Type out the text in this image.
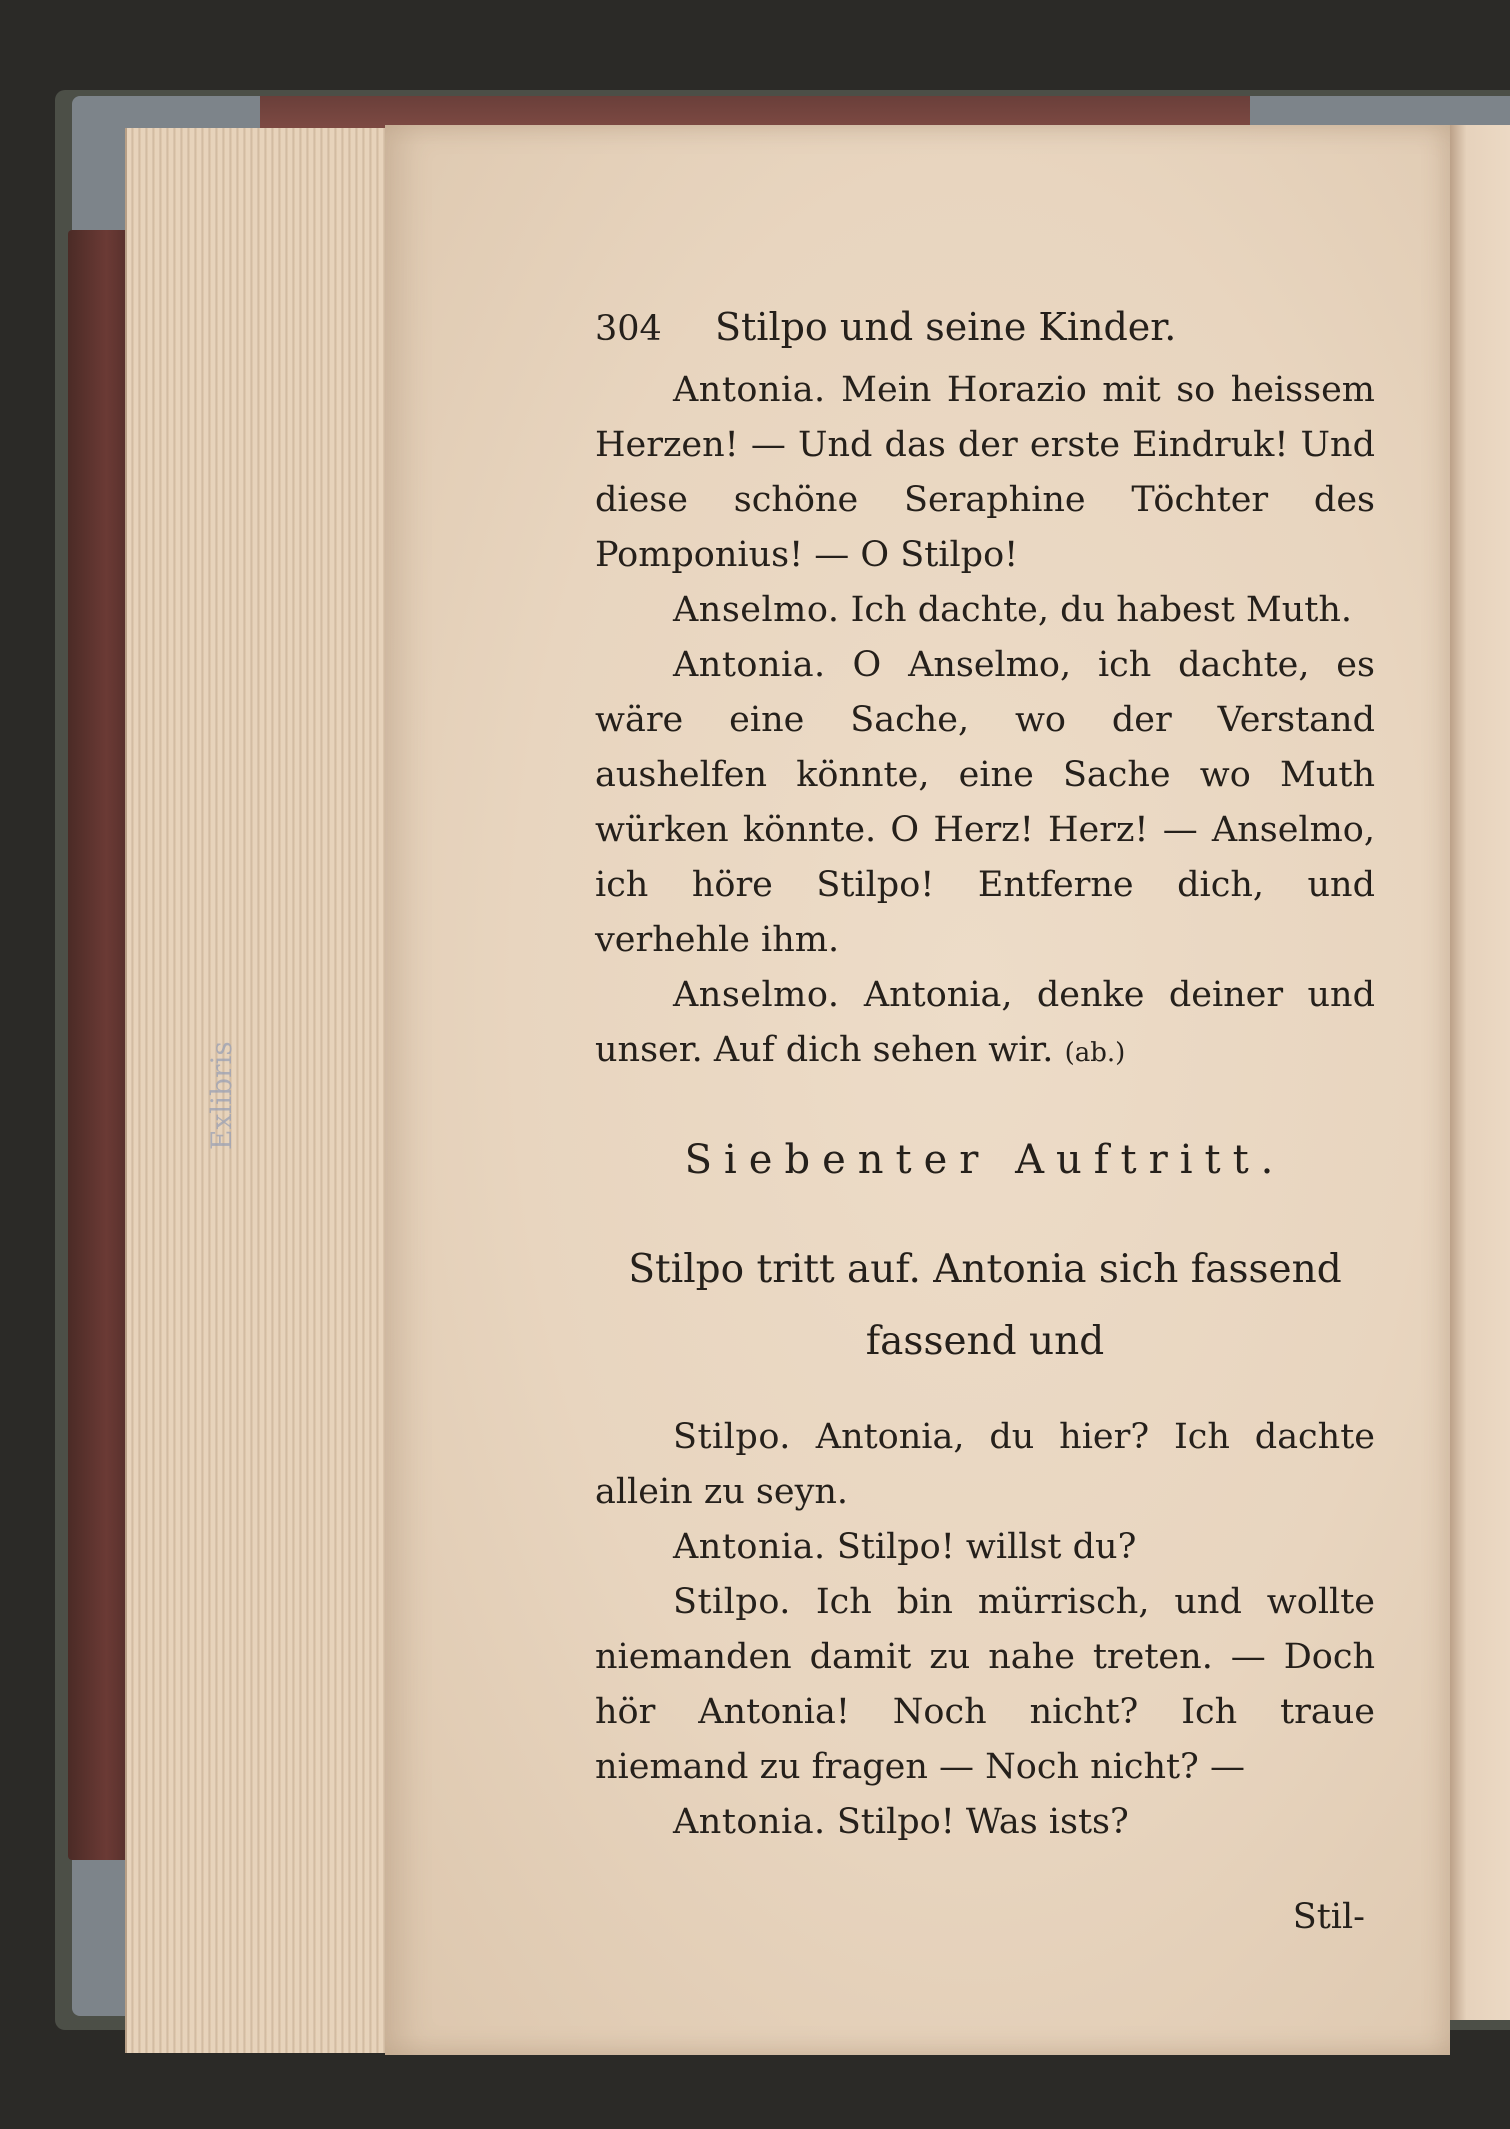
Exlibris
304	Stilpo und seine Kinder.

Antonia. Mein Horazio mit so heissem Herzen! — Und das der erste Eindruk! Und diese schöne Seraphine Töchter des Pomponius! — O Stilpo!

Anselmo. Ich dachte, du habest Muth.

Antonia. O Anselmo, ich dachte, es wäre eine Sache, wo der Verstand aushelfen könnte, eine Sache wo Muth würken könnte. O Herz! Herz! — Anselmo, ich höre Stilpo! Entferne dich, und verhehle ihm.

Anselmo. Antonia, denke deiner und unser. Auf dich sehen wir. (ab.)

Siebenter Auftritt.
Stilpo tritt auf. Antonia sich fassend fassend und

Stilpo. Antonia, du hier? Ich dachte allein zu seyn.

Antonia. Stilpo! willst du?

Stilpo. Ich bin mürrisch, und wollte niemanden damit zu nahe treten. — Doch hör Antonia! Noch nicht? Ich traue niemand zu fragen — Noch nicht? —

Antonia. Stilpo! Was ists?

Stil-
